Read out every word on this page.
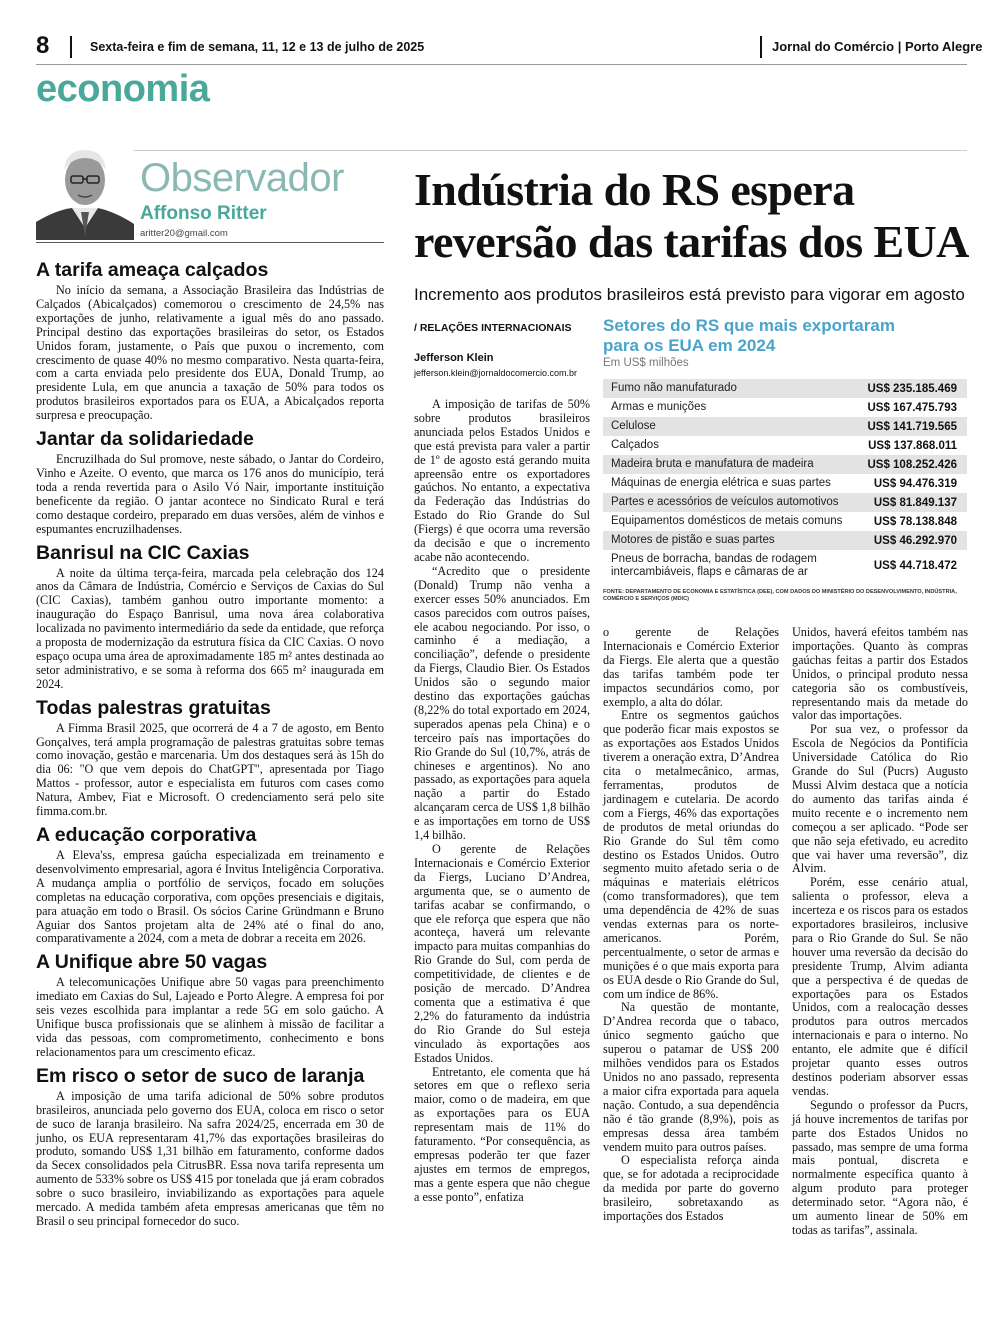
8	Sexta-feira e fim de semana, 11, 12 e 13 de julho de 2025	Jornal do Comércio | Porto Alegre
economia
Observador
Affonso Ritter
aritter20@gmail.com
A tarifa ameaça calçados

No início da semana, a Associação Brasileira das Indústrias de Calçados (Abicalçados) comemorou o crescimento de 24,5% nas exportações de junho, relativamente a igual mês do ano passado. Principal destino das exportações brasileiras do setor, os Estados Unidos foram, justamente, o País que puxou o incremento, com crescimento de quase 40% no mesmo comparativo. Nesta quarta-feira, com a carta enviada pelo presidente dos EUA, Donald Trump, ao presidente Lula, em que anuncia a taxação de 50% para todos os produtos brasileiros exportados para os EUA, a Abicalçados reporta surpresa e preocupação.

Jantar da solidariedade

Encruzilhada do Sul promove, neste sábado, o Jantar do Cordeiro, Vinho e Azeite. O evento, que marca os 176 anos do município, terá toda a renda revertida para o Asilo Vó Nair, importante instituição beneficente da região. O jantar acontece no Sindicato Rural e terá como destaque cordeiro, preparado em duas versões, além de vinhos e espumantes encruzilhadenses.

Banrisul na CIC Caxias

A noite da última terça-feira, marcada pela celebração dos 124 anos da Câmara de Indústria, Comércio e Serviços de Caxias do Sul (CIC Caxias), também ganhou outro importante momento: a inauguração do Espaço Banrisul, uma nova área colaborativa localizada no pavimento intermediário da sede da entidade, que reforça a proposta de modernização da estrutura física da CIC Caxias. O novo espaço ocupa uma área de aproximadamente 185 m² antes destinada ao setor administrativo, e se soma à reforma dos 665 m² inaugurada em 2024.

Todas palestras gratuitas

A Fimma Brasil 2025, que ocorrerá de 4 a 7 de agosto, em Bento Gonçalves, terá ampla programação de palestras gratuitas sobre temas como inovação, gestão e marcenaria. Um dos destaques será às 15h do dia 06: "O que vem depois do ChatGPT", apresentada por Tiago Mattos - professor, autor e especialista em futuros com cases como Natura, Ambev, Fiat e Microsoft. O credenciamento será pelo site fimma.com.br.

A educação corporativa

A Eleva'ss, empresa gaúcha especializada em treinamento e desenvolvimento empresarial, agora é Invitus Inteligência Corporativa. A mudança amplia o portfólio de serviços, focado em soluções completas na educação corporativa, com opções presenciais e digitais, para atuação em todo o Brasil. Os sócios Carine Gründmann e Bruno Aguiar dos Santos projetam alta de 24% até o final do ano, comparativamente a 2024, com a meta de dobrar a receita em 2026.

A Unifique abre 50 vagas

A telecomunicações Unifique abre 50 vagas para preenchimento imediato em Caxias do Sul, Lajeado e Porto Alegre. A empresa foi por seis vezes escolhida para implantar a rede 5G em solo gaúcho. A Unifique busca profissionais que se alinhem à missão de facilitar a vida das pessoas, com comprometimento, conhecimento e bons relacionamentos para um crescimento eficaz.

Em risco o setor de suco de laranja

A imposição de uma tarifa adicional de 50% sobre produtos brasileiros, anunciada pelo governo dos EUA, coloca em risco o setor de suco de laranja brasileiro. Na safra 2024/25, encerrada em 30 de junho, os EUA representaram 41,7% das exportações brasileiras do produto, somando US$ 1,31 bilhão em faturamento, conforme dados da Secex consolidados pela CitrusBR. Essa nova tarifa representa um aumento de 533% sobre os US$ 415 por tonelada que já eram cobrados sobre o suco brasileiro, inviabilizando as exportações para aquele mercado. A medida também afeta empresas americanas que têm no Brasil o seu principal fornecedor do suco.

Indústria do RS espera reversão das tarifas dos EUA
Incremento aos produtos brasileiros está previsto para vigorar em agosto
/ RELAÇÕES INTERNACIONAIS
Jefferson Klein
jefferson.klein@jornaldocomercio.com.br

A imposição de tarifas de 50% sobre produtos brasileiros anunciada pelos Estados Unidos e que está prevista para valer a partir de 1º de agosto está gerando muita apreensão entre os exportadores gaúchos. No entanto, a expectativa da Federação das Indústrias do Estado do Rio Grande do Sul (Fiergs) é que ocorra uma reversão da decisão e que o incremento acabe não acontecendo.

“Acredito que o presidente (Donald) Trump não venha a exercer esses 50% anunciados. Em casos parecidos com outros países, ele acabou negociando. Por isso, o caminho é a mediação, a conciliação”, defende o presidente da Fiergs, Claudio Bier. Os Estados Unidos são o segundo maior destino das exportações gaúchas (8,22% do total exportado em 2024, superados apenas pela China) e o terceiro país nas importações do Rio Grande do Sul (10,7%, atrás de chineses e argentinos). No ano passado, as exportações para aquela nação a partir do Estado alcançaram cerca de US$ 1,8 bilhão e as importações em torno de US$ 1,4 bilhão.

O gerente de Relações Internacionais e Comércio Exterior da Fiergs, Luciano D’Andrea, argumenta que, se o aumento de tarifas acabar se confirmando, o que ele reforça que espera que não aconteça, haverá um relevante impacto para muitas companhias do Rio Grande do Sul, com perda de competitividade, de clientes e de posição de mercado. D’Andrea comenta que a estimativa é que 2,2% do faturamento da indústria do Rio Grande do Sul esteja vinculado às exportações aos Estados Unidos.

Entretanto, ele comenta que há setores em que o reflexo seria maior, como o de madeira, em que as exportações para os EUA representam mais de 11% do faturamento. “Por consequência, as empresas poderão ter que fazer ajustes em termos de empregos, mas a gente espera que não chegue a esse ponto”, enfatiza

o gerente de Relações Internacionais e Comércio Exterior da Fiergs. Ele alerta que a questão das tarifas também pode ter impactos secundários como, por exemplo, a alta do dólar.

Entre os segmentos gaúchos que poderão ficar mais expostos se as exportações aos Estados Unidos tiverem a oneração extra, D’Andrea cita o metalmecânico, armas, ferramentas, produtos de jardinagem e cutelaria. De acordo com a Fiergs, 46% das exportações de produtos de metal oriundas do Rio Grande do Sul têm como destino os Estados Unidos. Outro segmento muito afetado seria o de máquinas e materiais elétricos (como transformadores), que tem uma dependência de 42% de suas vendas externas para os norte-americanos. Porém, percentualmente, o setor de armas e munições é o que mais exporta para os EUA desde o Rio Grande do Sul, com um índice de 86%.

Na questão de montante, D’Andrea recorda que o tabaco, único segmento gaúcho que superou o patamar de US$ 200 milhões vendidos para os Estados Unidos no ano passado, representa a maior cifra exportada para aquela nação. Contudo, a sua dependência não é tão grande (8,9%), pois as empresas dessa área também vendem muito para outros países.

O especialista reforça ainda que, se for adotada a reciprocidade da medida por parte do governo brasileiro, sobretaxando as importações dos Estados

Unidos, haverá efeitos também nas importações. Quanto às compras gaúchas feitas a partir dos Estados Unidos, o principal produto nessa categoria são os combustíveis, representando mais da metade do valor das importações.

Por sua vez, o professor da Escola de Negócios da Pontifícia Universidade Católica do Rio Grande do Sul (Pucrs) Augusto Mussi Alvim destaca que a notícia do aumento das tarifas ainda é muito recente e o incremento nem começou a ser aplicado. “Pode ser que não seja efetivado, eu acredito que vai haver uma reversão”, diz Alvim.

Porém, esse cenário atual, salienta o professor, eleva a incerteza e os riscos para os estados exportadores brasileiros, inclusive para o Rio Grande do Sul. Se não houver uma reversão da decisão do presidente Trump, Alvim adianta que a perspectiva é de quedas de exportações para os Estados Unidos, com a realocação desses produtos para outros mercados internacionais e para o interno. No entanto, ele admite que é difícil projetar quanto esses outros destinos poderiam absorver essas vendas.

Segundo o professor da Pucrs, já houve incrementos de tarifas por parte dos Estados Unidos no passado, mas sempre de uma forma mais pontual, discreta e normalmente específica quanto à algum produto para proteger determinado setor. “Agora não, é um aumento linear de 50% em todas as tarifas”, assinala.

Setores do RS que mais exportaram para os EUA em 2024
Em US$ milhões
Fumo não manufaturado	US$ 235.185.469
Armas e munições	US$ 167.475.793
Celulose	US$ 141.719.565
Calçados	US$ 137.868.011
Madeira bruta e manufatura de madeira	US$ 108.252.426
Máquinas de energia elétrica e suas partes	US$ 94.476.319
Partes e acessórios de veículos automotivos	US$ 81.849.137
Equipamentos domésticos de metais comuns	US$ 78.138.848
Motores de pistão e suas partes	US$ 46.292.970
Pneus de borracha, bandas de rodagem intercambiáveis, flaps e câmaras de ar	US$ 44.718.472
FONTE: DEPARTAMENTO DE ECONOMIA E ESTATÍSTICA (DEE), COM DADOS DO MINISTÉRIO DO DESENVOLVIMENTO, INDÚSTRIA, COMÉRCIO E SERVIÇOS (MDIC)
